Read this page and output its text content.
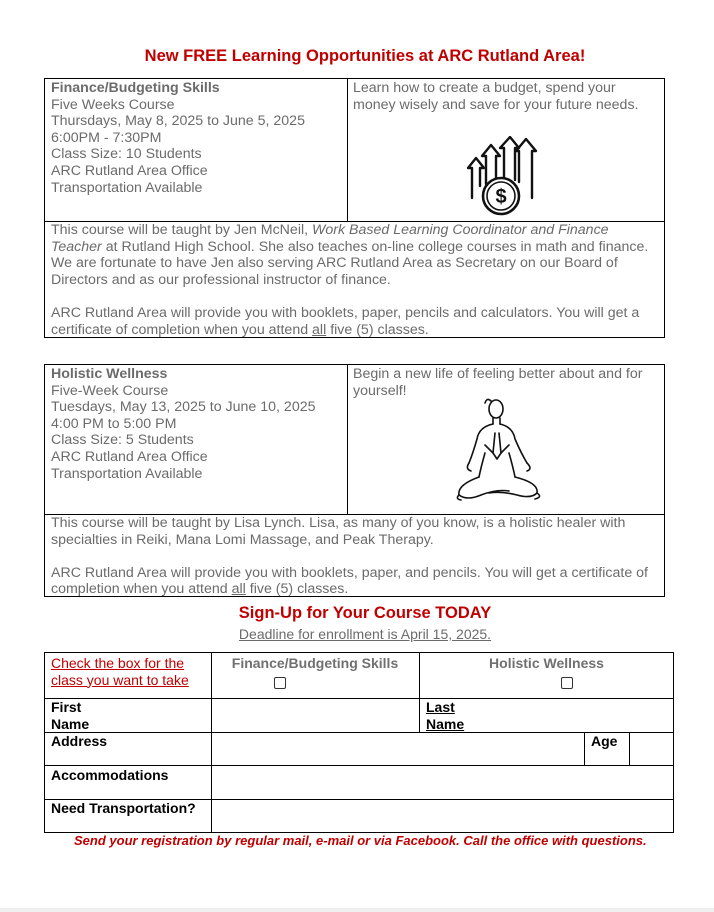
New FREE Learning Opportunities at ARC Rutland Area!

Finance/Budgeting Skills

Five Weeks Course

Thursdays, May 8, 2025 to June 5, 2025

6:00PM - 7:30PM

Class Size: 10 Students

ARC Rutland Area Office

Transportation Available

Learn how to create a budget, spend your money wisely and save for your future needs.
$

This course will be taught by Jen McNeil, Work Based Learning Coordinator and Finance Teacher at Rutland High School. She also teaches on-line college courses in math and finance. We are fortunate to have Jen also serving ARC Rutland Area as Secretary on our Board of Directors and as our professional instructor of finance.

ARC Rutland Area will provide you with booklets, paper, pencils and calculators. You will get a certificate of completion when you attend all five (5) classes.

Holistic Wellness

Five-Week Course

Tuesdays, May 13, 2025 to June 10, 2025

4:00 PM to 5:00 PM

Class Size: 5 Students

ARC Rutland Area Office

Transportation Available

Begin a new life of feeling better about and for yourself!

This course will be taught by Lisa Lynch. Lisa, as many of you know, is a holistic healer with specialties in Reiki, Mana Lomi Massage, and Peak Therapy.

ARC Rutland Area will provide you with booklets, paper, and pencils. You will get a certificate of completion when you attend all five (5) classes.

Sign-Up for Your Course TODAY
Deadline for enrollment is April 15, 2025.
Check the box for the class you want to take
Finance/Budgeting Skills	Holistic Wellness
First Name
Last Name
Address	Age
Accommodations
Need Transportation?
Send your registration by regular mail, e-mail or via Facebook. Call the office with questions.
